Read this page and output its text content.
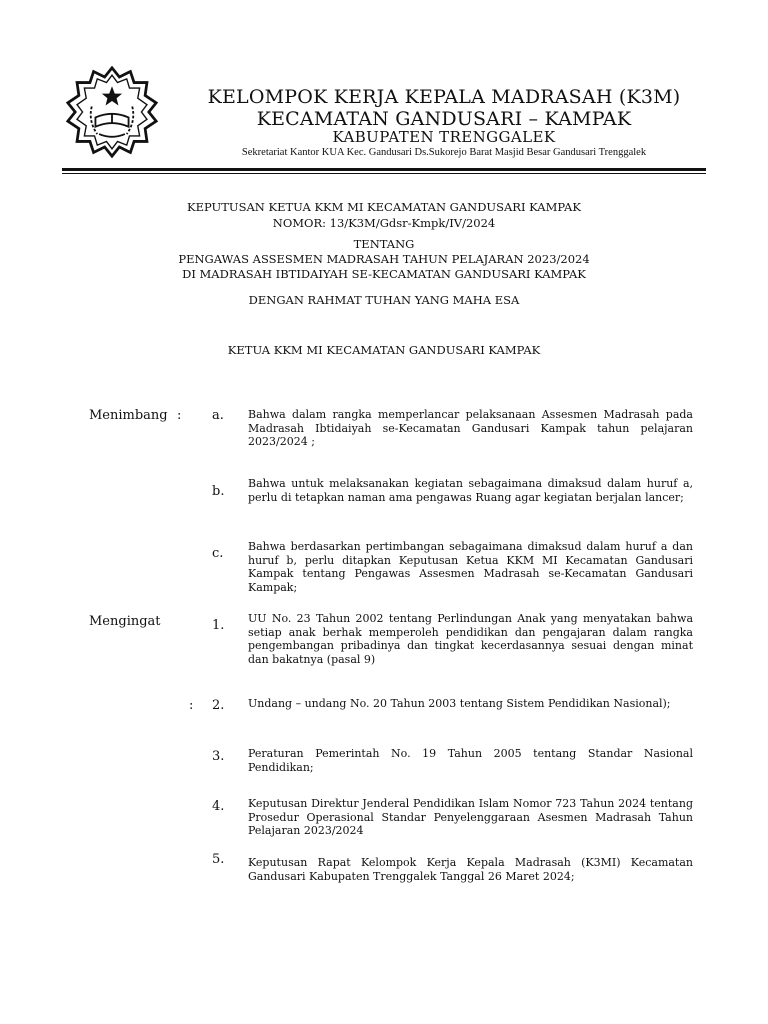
KELOMPOK KERJA KEPALA MADRASAH (K3M)
KECAMATAN GANDUSARI – KAMPAK
KABUPATEN TRENGGALEK
Sekretariat Kantor KUA Kec. Gandusari Ds.Sukorejo Barat Masjid Besar Gandusari Trenggalek
KEPUTUSAN KETUA KKM MI KECAMATAN GANDUSARI KAMPAK
NOMOR: 13/K3M/Gdsr-Kmpk/IV/2024
TENTANG
PENGAWAS ASSESMEN MADRASAH TAHUN PELAJARAN 2023/2024
DI MADRASAH IBTIDAIYAH SE-KECAMATAN GANDUSARI KAMPAK
DENGAN RAHMAT TUHAN YANG MAHA ESA
KETUA KKM MI KECAMATAN GANDUSARI KAMPAK
Menimbang : a. Bahwa dalam rangka memperlancar pelaksanaan Assesmen Madrasah pada Madrasah Ibtidaiyah se-Kecamatan Gandusari Kampak tahun pelajaran 2023/2024 ;
b.
Bahwa untuk melaksanakan kegiatan sebagaimana dimaksud dalam huruf a, perlu di tetapkan naman ama pengawas Ruang agar kegiatan berjalan lancer;
c. Bahwa berdasarkan pertimbangan sebagaimana dimaksud dalam huruf a dan huruf b, perlu ditapkan Keputusan Ketua KKM MI Kecamatan Gandusari Kampak tentang Pengawas Assesmen Madrasah se-Kecamatan Gandusari Kampak;
Mengingat
:
1. UU No. 23 Tahun 2002 tentang Perlindungan Anak yang menyatakan bahwa setiap anak berhak memperoleh pendidikan dan pengajaran dalam rangka pengembangan pribadinya dan tingkat kecerdasannya sesuai dengan minat dan bakatnya (pasal 9)
2. Undang – undang No. 20 Tahun 2003 tentang Sistem Pendidikan Nasional);
3. Peraturan Pemerintah No. 19 Tahun 2005 tentang Standar Nasional Pendidikan;
4. Keputusan Direktur Jenderal Pendidikan Islam Nomor 723 Tahun 2024 tentang Prosedur Operasional Standar Penyelenggaraan Asesmen Madrasah Tahun Pelajaran 2023/2024
5. Keputusan Rapat Kelompok Kerja Kepala Madrasah (K3MI) Kecamatan Gandusari Kabupaten Trenggalek Tanggal 26 Maret 2024;
